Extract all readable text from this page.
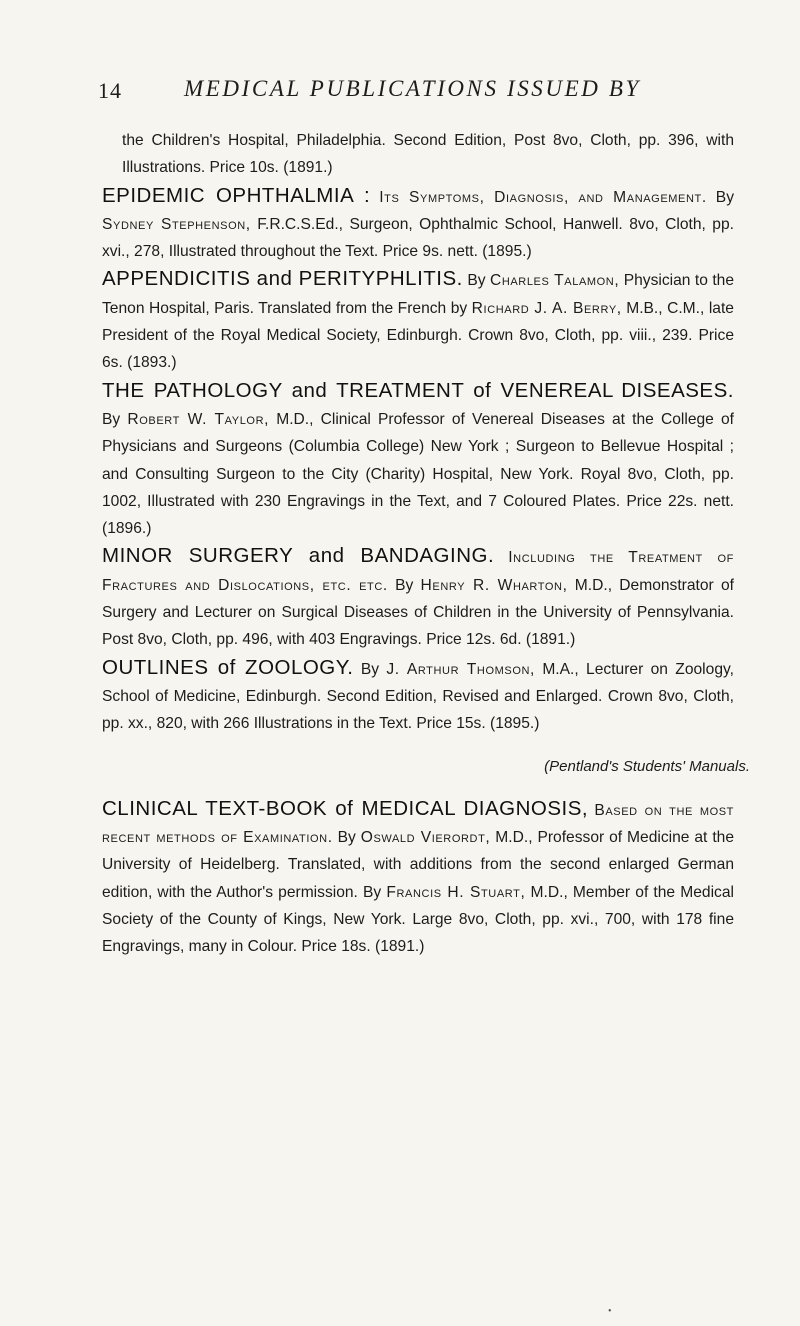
14	MEDICAL PUBLICATIONS ISSUED BY

the Children's Hospital, Philadelphia. Second Edition, Post 8vo, Cloth, pp. 396, with Illustrations. Price 10s. (1891.)

EPIDEMIC OPHTHALMIA : Its Symptoms, Diagnosis, and Management. By Sydney Stephenson, F.R.C.S.Ed., Surgeon, Ophthalmic School, Hanwell. 8vo, Cloth, pp. xvi., 278, Illustrated throughout the Text. Price 9s. nett. (1895.)

APPENDICITIS and PERITYPHLITIS. By Charles Talamon, Physician to the Tenon Hospital, Paris. Translated from the French by Richard J. A. Berry, M.B., C.M., late President of the Royal Medical Society, Edinburgh. Crown 8vo, Cloth, pp. viii., 239. Price 6s. (1893.)

THE PATHOLOGY and TREATMENT of VENEREAL DISEASES. By Robert W. Taylor, M.D., Clinical Professor of Venereal Diseases at the College of Physicians and Surgeons (Columbia College) New York ; Surgeon to Bellevue Hospital ; and Consulting Surgeon to the City (Charity) Hospital, New York. Royal 8vo, Cloth, pp. 1002, Illustrated with 230 Engravings in the Text, and 7 Coloured Plates. Price 22s. nett. (1896.)

MINOR SURGERY and BANDAGING. Including the Treatment of Fractures and Dislocations, etc. etc. By Henry R. Wharton, M.D., Demonstrator of Surgery and Lecturer on Surgical Diseases of Children in the University of Pennsylvania. Post 8vo, Cloth, pp. 496, with 403 Engravings. Price 12s. 6d. (1891.)

OUTLINES of ZOOLOGY. By J. Arthur Thomson, M.A., Lecturer on Zoology, School of Medicine, Edinburgh. Second Edition, Revised and Enlarged. Crown 8vo, Cloth, pp. xx., 820, with 266 Illustrations in the Text. Price 15s. (1895.)

(Pentland's Students' Manuals.

CLINICAL TEXT-BOOK of MEDICAL DIAGNOSIS, Based on the most recent methods of Examination. By Oswald Vierordt, M.D., Professor of Medicine at the University of Heidelberg. Translated, with additions from the second enlarged German edition, with the Author's permission. By Francis H. Stuart, M.D., Member of the Medical Society of the County of Kings, New York. Large 8vo, Cloth, pp. xvi., 700, with 178 fine Engravings, many in Colour. Price 18s. (1891.)

•
